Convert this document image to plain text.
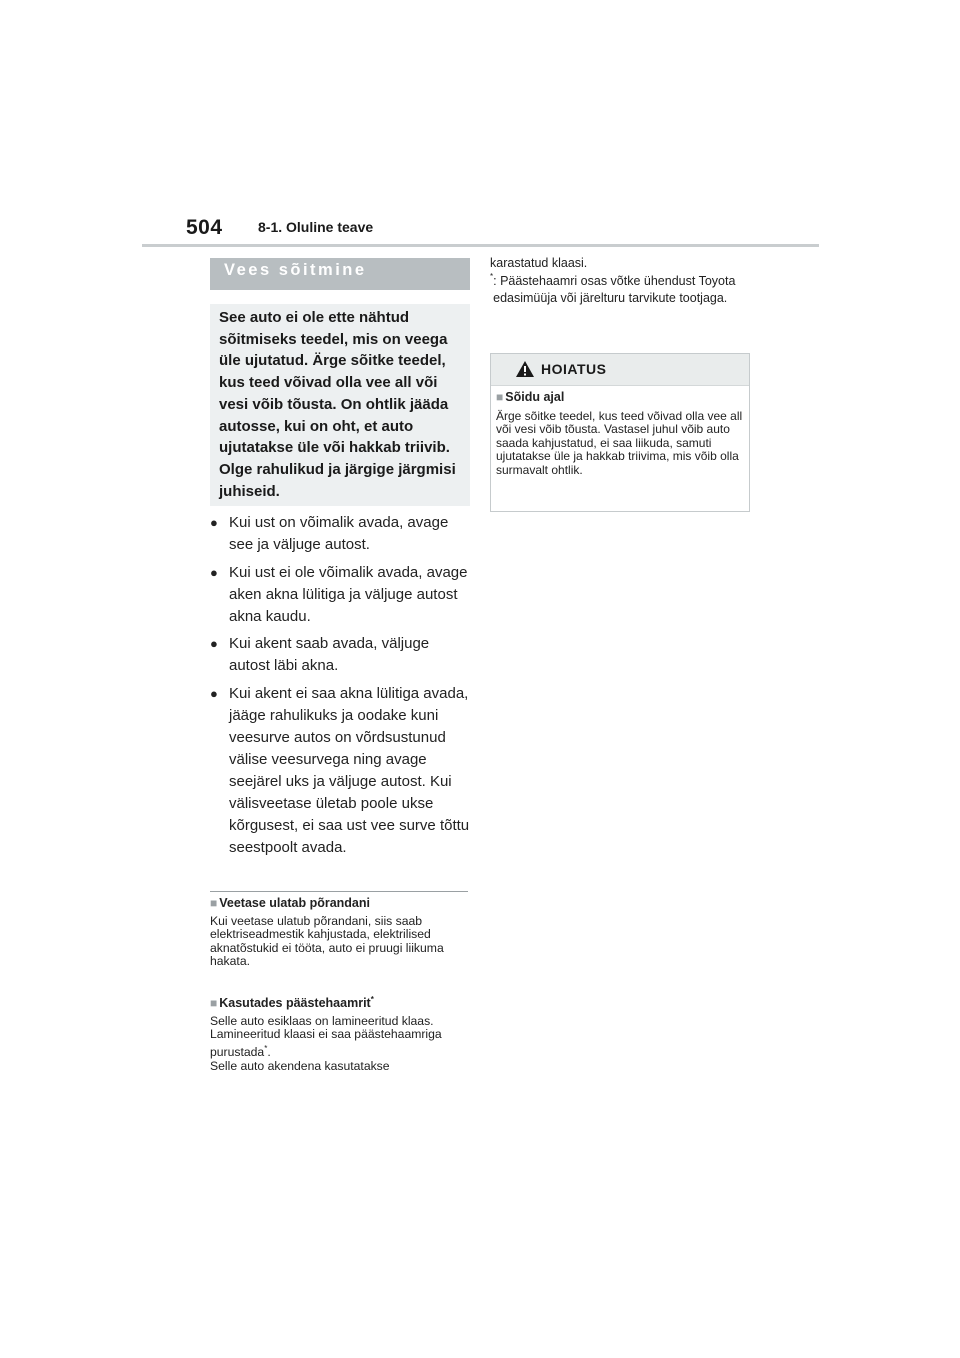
504	8-1. Oluline teave
Vees sõitmine
See auto ei ole ette nähtud sõitmiseks teedel, mis on veega üle ujutatud. Ärge sõitke teedel, kus teed võivad olla vee all või vesi võib tõusta. On ohtlik jääda autosse, kui on oht, et auto ujutatakse üle või hakkab triivib. Olge rahulikud ja järgige järgmisi juhiseid.
● Kui ust on võimalik avada, avage see ja väljuge autost.
● Kui ust ei ole võimalik avada, avage aken akna lülitiga ja väljuge autost akna kaudu.
● Kui akent saab avada, väljuge autost läbi akna.
● Kui akent ei saa akna lülitiga avada, jääge rahulikuks ja oodake kuni veesurve autos on võrdsustunud välise veesurvega ning avage seejärel uks ja väljuge autost. Kui välisveetase ületab poole ukse kõrgusest, ei saa ust vee surve tõttu seestpoolt avada.
■ Veetase ulatab põrandani
Kui veetase ulatub põrandani, siis saab elektriseadmestik kahjustada, elektrilised aknatõstukid ei tööta, auto ei pruugi liikuma hakata.
■ Kasutades päästehaamrit*
Selle auto esiklaas on lamineeritud klaas.
Lamineeritud klaasi ei saa päästehaamriga purustada*.
Selle auto akendena kasutatakse
karastatud klaasi.
* : Päästehaamri osas võtke ühendust Toyota edasimüüja või järelturu tarvikute tootjaga.
HOIATUS
■ Sõidu ajal
Ärge sõitke teedel, kus teed võivad olla vee all või vesi võib tõusta. Vastasel juhul võib auto saada kahjustatud, ei saa liikuda, samuti ujutatakse üle ja hakkab triivima, mis võib olla surmavalt ohtlik.
